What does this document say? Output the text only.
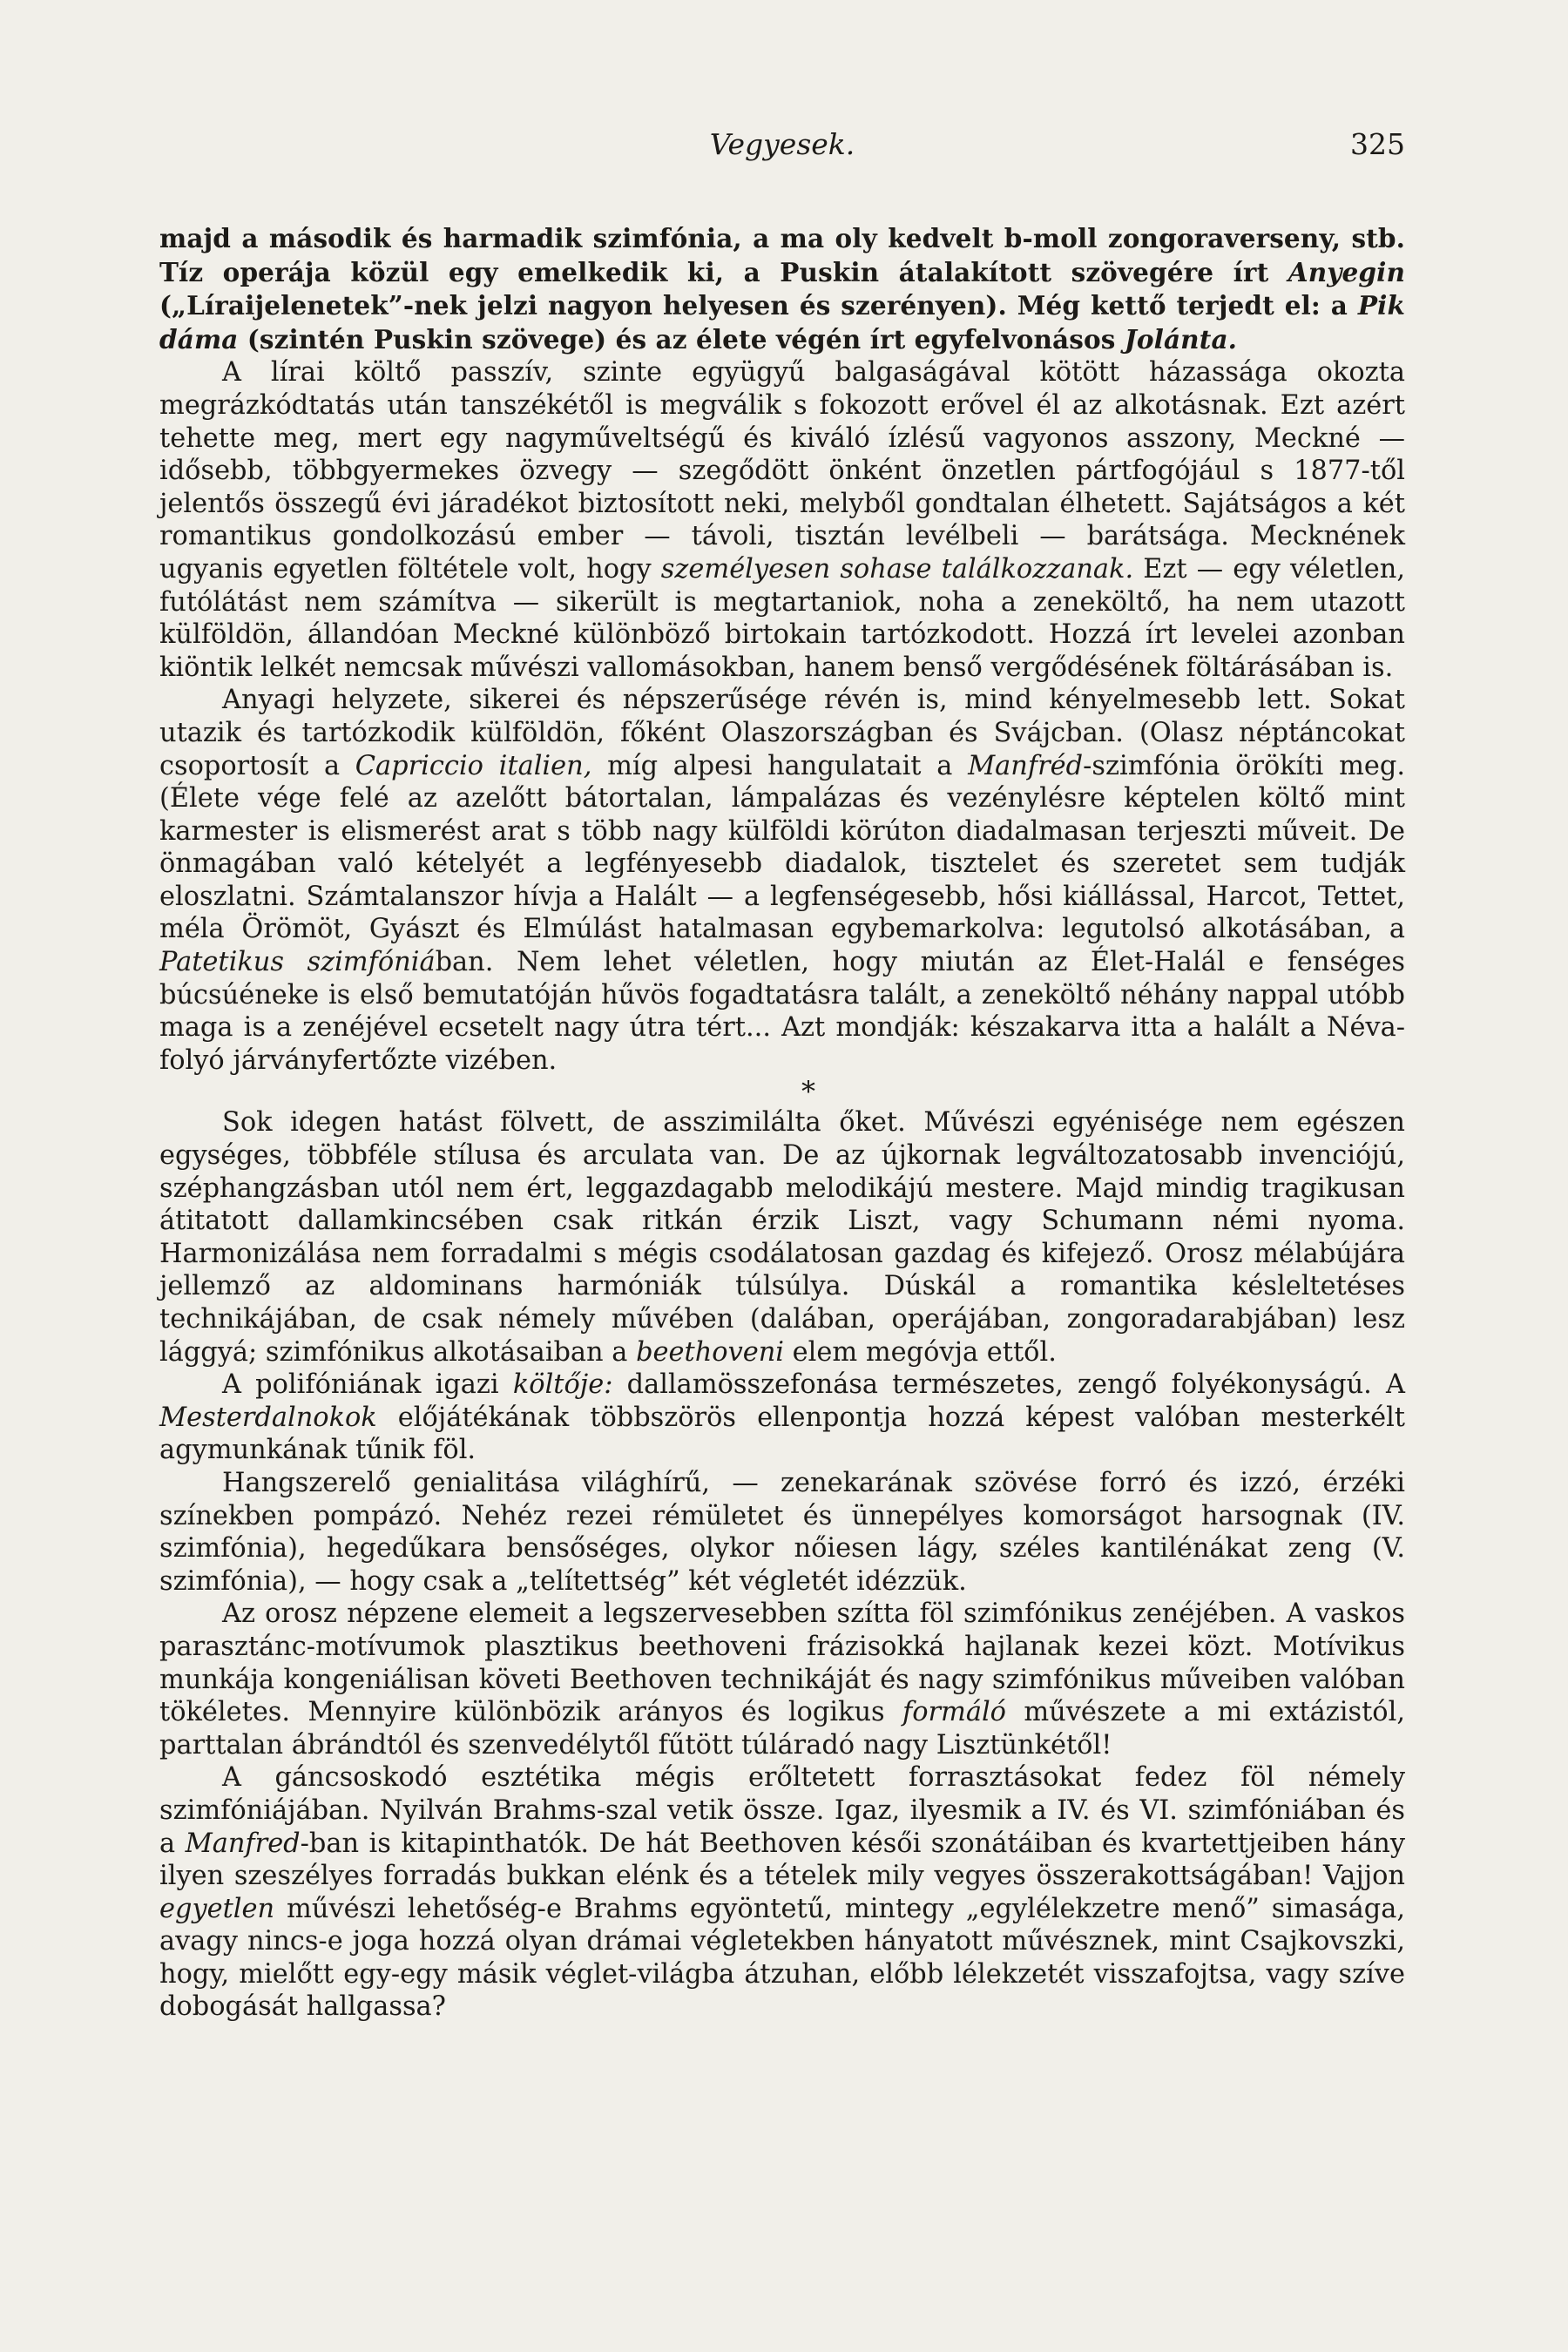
Vegyesek.	325

majd a második és harmadik szimfónia, a ma oly kedvelt b-moll zongoraverseny, stb. Tíz operája közül egy emelkedik ki, a Puskin átalakított szövegére írt Anyegin („Líraijelenetek”-nek jelzi nagyon helyesen és szerényen). Még kettő terjedt el: a Pik dáma (szintén Puskin szövege) és az élete végén írt egyfelvonásos Jolánta.

A lírai költő passzív, szinte együgyű balgaságával kötött házassága okozta megrázkódtatás után tanszékétől is megválik s fokozott erővel él az alkotásnak. Ezt azért tehette meg, mert egy nagyműveltségű és kiváló ízlésű vagyonos asszony, Meckné — idősebb, többgyermekes özvegy — szegődött önként önzetlen pártfogójául s 1877-től jelentős összegű évi járadékot biztosított neki, melyből gondtalan élhetett. Sajátságos a két romantikus gondolkozású ember — távoli, tisztán levélbeli — barátsága. Mecknének ugyanis egyetlen föltétele volt, hogy személyesen sohase találkozzanak. Ezt — egy véletlen, futólátást nem számítva — sikerült is megtartaniok, noha a zeneköltő, ha nem utazott külföldön, állandóan Meckné különböző birtokain tartózkodott. Hozzá írt levelei azonban kiöntik lelkét nemcsak művészi vallomásokban, hanem benső vergődésének föltárásában is.

Anyagi helyzete, sikerei és népszerűsége révén is, mind kényelmesebb lett. Sokat utazik és tartózkodik külföldön, főként Olaszországban és Svájcban. (Olasz néptáncokat csoportosít a Capriccio italien, míg alpesi hangulatait a Manfréd-szimfónia örökíti meg. (Élete vége felé az azelőtt bátortalan, lámpalázas és vezénylésre képtelen költő mint karmester is elismerést arat s több nagy külföldi körúton diadalmasan terjeszti műveit. De önmagában való kételyét a legfényesebb diadalok, tisztelet és szeretet sem tudják eloszlatni. Számtalanszor hívja a Halált — a legfenségesebb, hősi kiállással, Harcot, Tettet, méla Örömöt, Gyászt és Elmúlást hatalmasan egybemarkolva: legutolsó alkotásában, a Patetikus szimfóniában. Nem lehet véletlen, hogy miután az Élet-Halál e fenséges búcsúéneke is első bemutatóján hűvös fogadtatásra talált, a zeneköltő néhány nappal utóbb maga is a zenéjével ecsetelt nagy útra tért... Azt mondják: készakarva itta a halált a Néva-folyó járványfertőzte vizében.

*

Sok idegen hatást fölvett, de asszimilálta őket. Művészi egyénisége nem egészen egységes, többféle stílusa és arculata van. De az újkornak legváltozatosabb invenciójú, széphangzásban utól nem ért, leggazdagabb melodikájú mestere. Majd mindig tragikusan átitatott dallamkincsében csak ritkán érzik Liszt, vagy Schumann némi nyoma. Harmonizálása nem forradalmi s mégis csodálatosan gazdag és kifejező. Orosz mélabújára jellemző az aldominans harmóniák túlsúlya. Dúskál a romantika késleltetéses technikájában, de csak némely művében (dalában, operájában, zongoradarabjában) lesz lággyá; szimfónikus alkotásaiban a beethoveni elem megóvja ettől.

A polifóniának igazi költője: dallamösszefonása természetes, zengő folyékonyságú. A Mesterdalnokok előjátékának többszörös ellenpontja hozzá képest valóban mesterkélt agymunkának tűnik föl.

Hangszerelő genialitása világhírű, — zenekarának szövése forró és izzó, érzéki színekben pompázó. Nehéz rezei rémületet és ünnepélyes komorságot harsognak (IV. szimfónia), hegedűkara bensőséges, olykor nőiesen lágy, széles kantilénákat zeng (V. szimfónia), — hogy csak a „telítettség” két végletét idézzük.

Az orosz népzene elemeit a legszervesebben szítta föl szimfónikus zenéjében. A vaskos parasztánc-motívumok plasztikus beethoveni frázisokká hajlanak kezei közt. Motívikus munkája kongeniálisan követi Beethoven technikáját és nagy szimfónikus műveiben valóban tökéletes. Mennyire különbözik arányos és logikus formáló művészete a mi extázistól, parttalan ábrándtól és szenvedélytől fűtött túláradó nagy Lisztünkétől!

A gáncsoskodó esztétika mégis erőltetett forrasztásokat fedez föl némely szimfóniájában. Nyilván Brahms-szal vetik össze. Igaz, ilyesmik a IV. és VI. szimfóniában és a Manfred-ban is kitapinthatók. De hát Beethoven késői szonátáiban és kvartettjeiben hány ilyen szeszélyes forradás bukkan elénk és a tételek mily vegyes összerakottságában! Vajjon egyetlen művészi lehetőség-e Brahms egyöntetű, mintegy „egylélekzetre menő” simasága, avagy nincs-e joga hozzá olyan drámai végletekben hányatott művésznek, mint Csajkovszki, hogy, mielőtt egy-egy másik véglet-világba átzuhan, előbb lélekzetét visszafojtsa, vagy szíve dobogását hallgassa?
